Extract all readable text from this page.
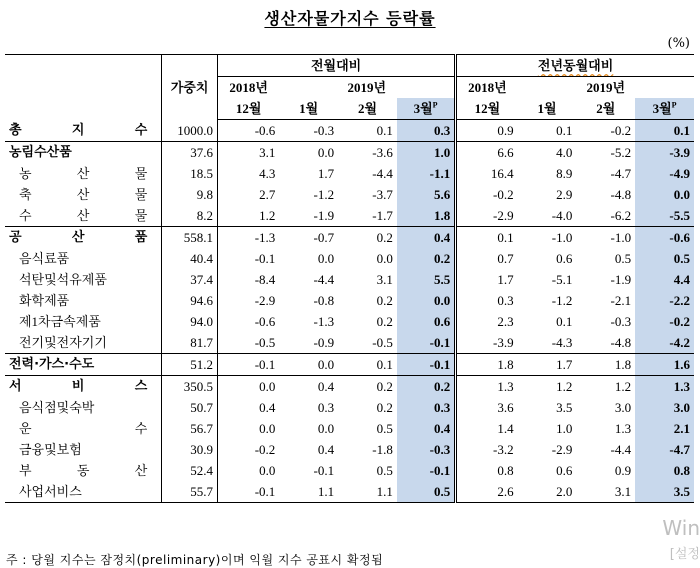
생산자물가지수 등락률
(%)
	가중치	전월대비				전년동월대비			
		2018년	2019년			2018년	2019년		
		12월	1월	2월	3월$^P$	12월	1월	2월	3월$^P$

총 지 수	1000.0	-0.6	-0.3	0.1	0.3	0.9	0.1	-0.2	0.1
농림수산품	37.6	3.1	0.0	-3.6	1.0	6.6	4.0	-5.2	-3.9

농 산 물	18.5	4.3	1.7	-4.4	-1.1	16.4	8.9	-4.7	-4.9

축 산 물	9.8	2.7	-1.2	-3.7	5.6	-0.2	2.9	-4.8	0.0

수 산 물	8.2	1.2	-1.9	-1.7	1.8	-2.9	-4.0	-6.2	-5.5

공 산 품	558.1	-1.3	-0.7	0.2	0.4	0.1	-1.0	-1.0	-0.6
음식료품	40.4	-0.1	0.0	0.0	0.2	0.7	0.6	0.5	0.5
석탄및석유제품	37.4	-8.4	-4.4	3.1	5.5	1.7	-5.1	-1.9	4.4
화학제품	94.6	-2.9	-0.8	0.2	0.0	0.3	-1.2	-2.1	-2.2
제1차금속제품	94.0	-0.6	-1.3	0.2	0.6	2.3	0.1	-0.3	-0.2
전기및전자기기	81.7	-0.5	-0.9	-0.5	-0.1	-3.9	-4.3	-4.8	-4.2
전력·가스·수도	51.2	-0.1	0.0	0.1	-0.1	1.8	1.7	1.8	1.6

서 비 스	350.5	0.0	0.4	0.2	0.2	1.3	1.2	1.2	1.3
음식점및숙박	50.7	0.4	0.3	0.2	0.3	3.6	3.5	3.0	3.0

운 수	56.7	0.0	0.0	0.5	0.4	1.4	1.0	1.3	2.1
금융및보험	30.9	-0.2	0.4	-1.8	-0.3	-3.2	-2.9	-4.4	-4.7

부 동 산	52.4	0.0	-0.1	0.5	-0.1	0.8	0.6	0.9	0.8
사업서비스	55.7	-0.1	1.1	1.1	0.5	2.6	2.0	3.1	3.5
주 : 당월 지수는 잠정치(preliminary)이며 익월 지수 공표시 확정됨
Win
[설정
